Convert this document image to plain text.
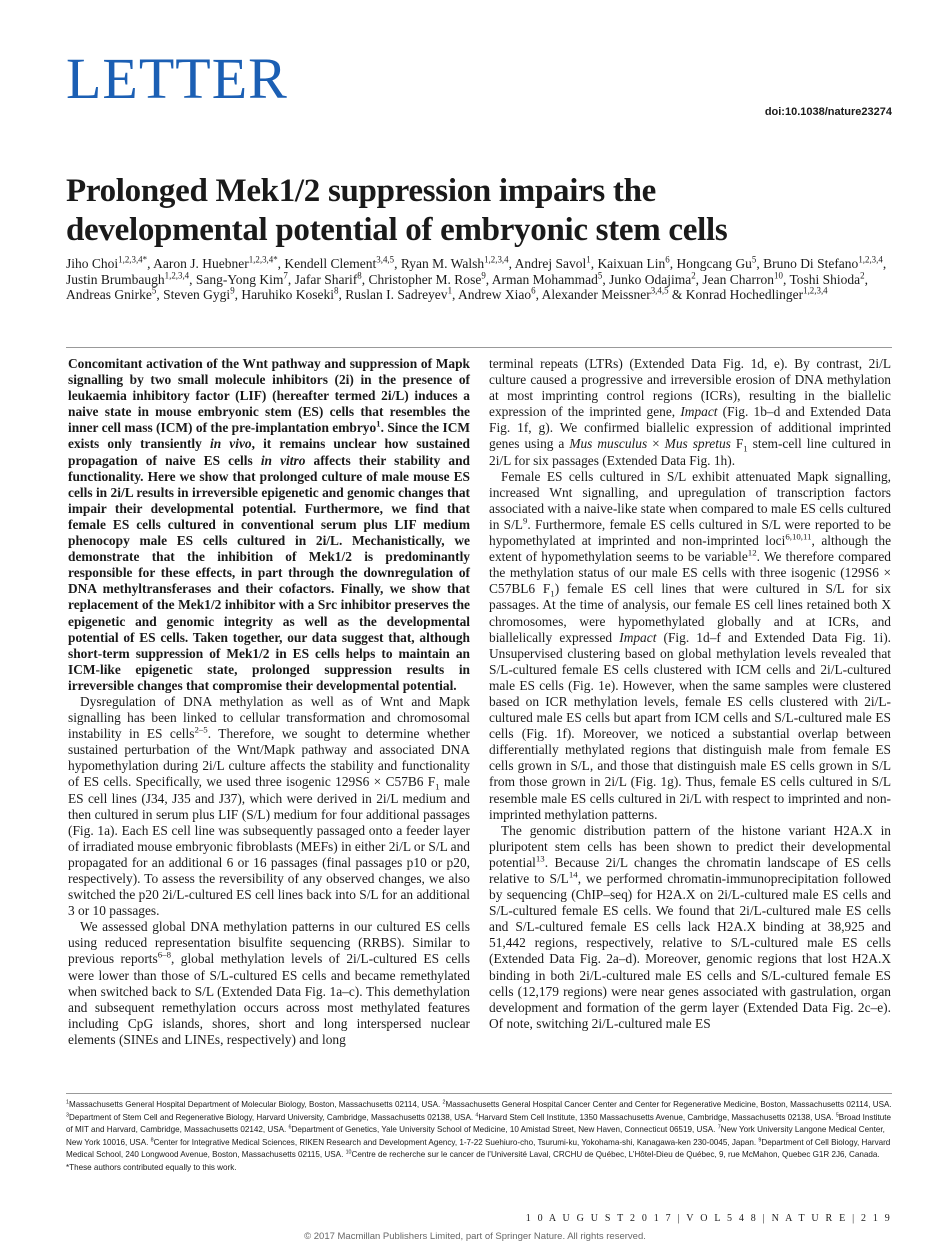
LETTER
doi:10.1038/nature23274
Prolonged Mek1/2 suppression impairs the
developmental potential of embryonic stem cells
Jiho Choi$^{1,2,3,4*}$, Aaron J. Huebner$^{1,2,3,4*}$, Kendell Clement$^{3,4,5}$, Ryan M. Walsh$^{1,2,3,4}$, Andrej Savol$^1$, Kaixuan Lin$^6$, Hongcang Gu$^5$, Bruno Di Stefano$^{1,2,3,4}$, Justin Brumbaugh$^{1,2,3,4}$, Sang-Yong Kim$^7$, Jafar Sharif$^8$, Christopher M. Rose$^9$, Arman Mohammad$^5$, Junko Odajima$^2$, Jean Charron$^{10}$, Toshi Shioda$^2$, Andreas Gnirke$^5$, Steven Gygi$^9$, Haruhiko Koseki$^8$, Ruslan I. Sadreyev$^1$, Andrew Xiao$^6$, Alexander Meissner$^{3,4,5}$ & Konrad Hochedlinger$^{1,2,3,4}$

Concomitant activation of the Wnt pathway and suppression of Mapk signalling by two small molecule inhibitors (2i) in the presence of leukaemia inhibitory factor (LIF) (hereafter termed 2i/L) induces a naive state in mouse embryonic stem (ES) cells that resembles the inner cell mass (ICM) of the pre-implantation embryo$^1$. Since the ICM exists only transiently in vivo, it remains unclear how sustained propagation of naive ES cells in vitro affects their stability and functionality. Here we show that prolonged culture of male mouse ES cells in 2i/L results in irreversible epigenetic and genomic changes that impair their developmental potential. Furthermore, we find that female ES cells cultured in conventional serum plus LIF medium phenocopy male ES cells cultured in 2i/L. Mechanistically, we demonstrate that the inhibition of Mek1/2 is predominantly responsible for these effects, in part through the downregulation of DNA methyltransferases and their cofactors. Finally, we show that replacement of the Mek1/2 inhibitor with a Src inhibitor preserves the epigenetic and genomic integrity as well as the developmental potential of ES cells. Taken together, our data suggest that, although short-term suppression of Mek1/2 in ES cells helps to maintain an ICM-like epigenetic state, prolonged suppression results in irreversible changes that compromise their developmental potential.

Dysregulation of DNA methylation as well as of Wnt and Mapk signalling has been linked to cellular transformation and chromosomal instability in ES cells$^{2-5}$. Therefore, we sought to determine whether sustained perturbation of the Wnt/Mapk pathway and associated DNA hypomethylation during 2i/L culture affects the stability and functionality of ES cells. Specifically, we used three isogenic 129S6 × C57B6 $F_1$ male ES cell lines (J34, J35 and J37), which were derived in 2i/L medium and then cultured in serum plus LIF (S/L) medium for four additional passages (Fig. 1a). Each ES cell line was subsequently passaged onto a feeder layer of irradiated mouse embryonic fibroblasts (MEFs) in either 2i/L or S/L and propagated for an additional 6 or 16 passages (final passages p10 or p20, respectively). To assess the reversibility of any observed changes, we also switched the p20 2i/L-cultured ES cell lines back into S/L for an additional 3 or 10 passages.

We assessed global DNA methylation patterns in our cultured ES cells using reduced representation bisulfite sequencing (RRBS). Similar to previous reports$^{6-8}$, global methylation levels of 2i/L-cultured ES cells were lower than those of S/L-cultured ES cells and became remethylated when switched back to S/L (Extended Data Fig. 1a–c). This demethylation and subsequent remethylation occurs across most methylated features including CpG islands, shores, short and long interspersed nuclear elements (SINEs and LINEs, respectively) and long

terminal repeats (LTRs) (Extended Data Fig. 1d, e). By contrast, 2i/L culture caused a progressive and irreversible erosion of DNA methylation at most imprinting control regions (ICRs), resulting in the biallelic expression of the imprinted gene, Impact (Fig. 1b–d and Extended Data Fig. 1f, g). We confirmed biallelic expression of additional imprinted genes using a Mus musculus × Mus spretus $F_1$ stem-cell line cultured in 2i/L for six passages (Extended Data Fig. 1h).

Female ES cells cultured in S/L exhibit attenuated Mapk signalling, increased Wnt signalling, and upregulation of transcription factors associated with a naive-like state when compared to male ES cells cultured in $S/L^9$. Furthermore, female ES cells cultured in S/L were reported to be hypomethylated at imprinted and non-imprinted loci$^{6,10,11}$, although the extent of hypomethylation seems to be variable$^{12}$. We therefore compared the methylation status of our male ES cells with three isogenic (129S6 × C57BL6 $F_1$) female ES cell lines that were cultured in S/L for six passages. At the time of analysis, our female ES cell lines retained both X chromosomes, were hypomethylated globally and at ICRs, and biallelically expressed Impact (Fig. 1d–f and Extended Data Fig. 1i). Unsupervised clustering based on global methylation levels revealed that S/L-cultured female ES cells clustered with ICM cells and 2i/L-cultured male ES cells (Fig. 1e). However, when the same samples were clustered based on ICR methylation levels, female ES cells clustered with 2i/L-cultured male ES cells but apart from ICM cells and S/L-cultured male ES cells (Fig. 1f). Moreover, we noticed a substantial overlap between differentially methylated regions that distinguish male from female ES cells grown in S/L, and those that distinguish male ES cells grown in S/L from those grown in 2i/L (Fig. 1g). Thus, female ES cells cultured in S/L resemble male ES cells cultured in 2i/L with respect to imprinted and non-imprinted methylation patterns.

The genomic distribution pattern of the histone variant H2A.X in pluripotent stem cells has been shown to predict their developmental potential$^{13}$. Because 2i/L changes the chromatin landscape of ES cells relative to $S/L^{14}$, we performed chromatin-immunoprecipitation followed by sequencing (ChIP–seq) for H2A.X on 2i/L-cultured male ES cells and S/L-cultured female ES cells. We found that 2i/L-cultured male ES cells and S/L-cultured female ES cells lack H2A.X binding at 38,925 and 51,442 regions, respectively, relative to S/L-cultured male ES cells (Extended Data Fig. 2a–d). Moreover, genomic regions that lost H2A.X binding in both 2i/L-cultured male ES cells and S/L-cultured female ES cells (12,179 regions) were near genes associated with gastrulation, organ development and formation of the germ layer (Extended Data Fig. 2c–e). Of note, switching 2i/L-cultured male ES

$^1$Massachusetts General Hospital Department of Molecular Biology, Boston, Massachusetts 02114, USA. $^2$Massachusetts General Hospital Cancer Center and Center for Regenerative Medicine, Boston, Massachusetts 02114, USA. $^3$Department of Stem Cell and Regenerative Biology, Harvard University, Cambridge, Massachusetts 02138, USA. $^4$Harvard Stem Cell Institute, 1350 Massachusetts Avenue, Cambridge, Massachusetts 02138, USA. $^5$Broad Institute of MIT and Harvard, Cambridge, Massachusetts 02142, USA. $^6$Department of Genetics, Yale University School of Medicine, 10 Amistad Street, New Haven, Connecticut 06519, USA. $^7$New York University Langone Medical Center, New York 10016, USA. $^8$Center for Integrative Medical Sciences, RIKEN Research and Development Agency, 1-7-22 Suehiuro-cho, Tsurumi-ku, Yokohama-shi, Kanagawa-ken 230-0045, Japan. $^9$Department of Cell Biology, Harvard Medical School, 240 Longwood Avenue, Boston, Massachusetts 02115, USA. $^{10}$Centre de recherche sur le cancer de l’Université Laval, CRCHU de Québec, L’Hôtel-Dieu de Québec, 9, rue McMahon, Quebec G1R 2J6, Canada.
*These authors contributed equally to this work.
1 0 A U G U S T 2 0 1 7 | V O L 5 4 8 | N A T U R E | 2 1 9
© 2017 Macmillan Publishers Limited, part of Springer Nature. All rights reserved.
